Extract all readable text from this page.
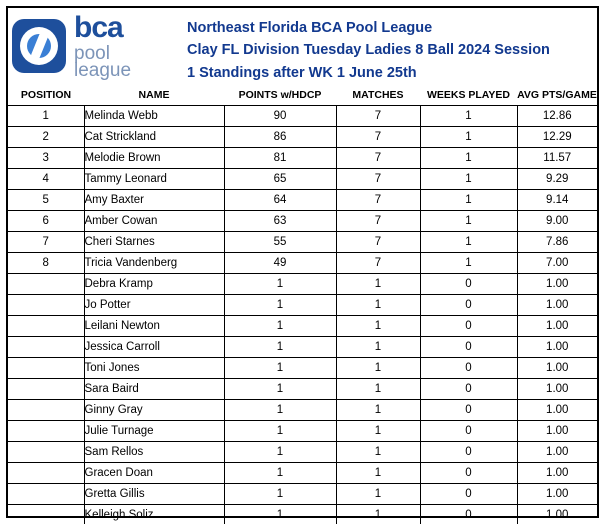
bca
pool
league
Northeast Florida BCA Pool League
Clay FL Division Tuesday Ladies 8 Ball 2024 Session
1 Standings after WK 1 June 25th
POSITION	NAME	POINTS w/HDCP	MATCHES	WEEKS PLAYED	AVG PTS/GAME
1	Melinda Webb	90	7	1	12.86
2	Cat Strickland	86	7	1	12.29
3	Melodie Brown	81	7	1	11.57
4	Tammy Leonard	65	7	1	9.29
5	Amy Baxter	64	7	1	9.14
6	Amber Cowan	63	7	1	9.00
7	Cheri Starnes	55	7	1	7.86
8	Tricia Vandenberg	49	7	1	7.00
	Debra Kramp	1	1	0	1.00
	Jo Potter	1	1	0	1.00
	Leilani Newton	1	1	0	1.00
	Jessica Carroll	1	1	0	1.00
	Toni Jones	1	1	0	1.00
	Sara Baird	1	1	0	1.00
	Ginny Gray	1	1	0	1.00
	Julie Turnage	1	1	0	1.00
	Sam Rellos	1	1	0	1.00
	Gracen Doan	1	1	0	1.00
	Gretta Gillis	1	1	0	1.00
	Kelleigh Soliz	1	1	0	1.00
